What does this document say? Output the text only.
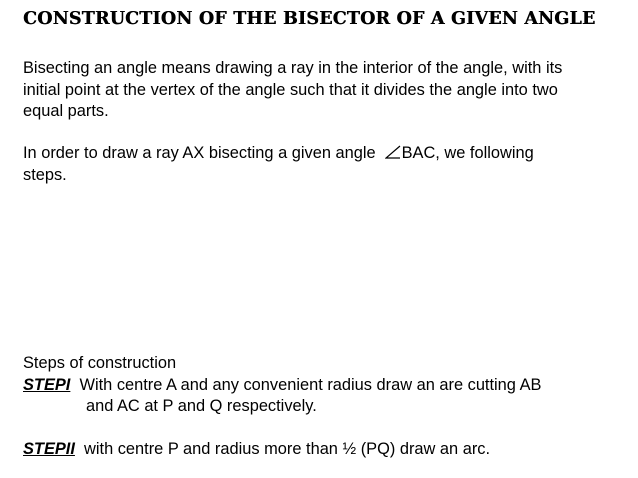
CONSTRUCTION OF THE BISECTOR OF A GIVEN ANGLE
Bisecting an angle means drawing a ray in the interior of the angle, with its
initial point at the vertex of the angle such that it divides the angle into two
equal parts.
In order to draw a ray AX bisecting a given angle BAC, we following
steps.
Steps of construction
STEPI With centre A and any convenient radius draw an are cutting AB
and AC at P and Q respectively.
STEPII with centre P and radius more than ½ (PQ) draw an arc.
